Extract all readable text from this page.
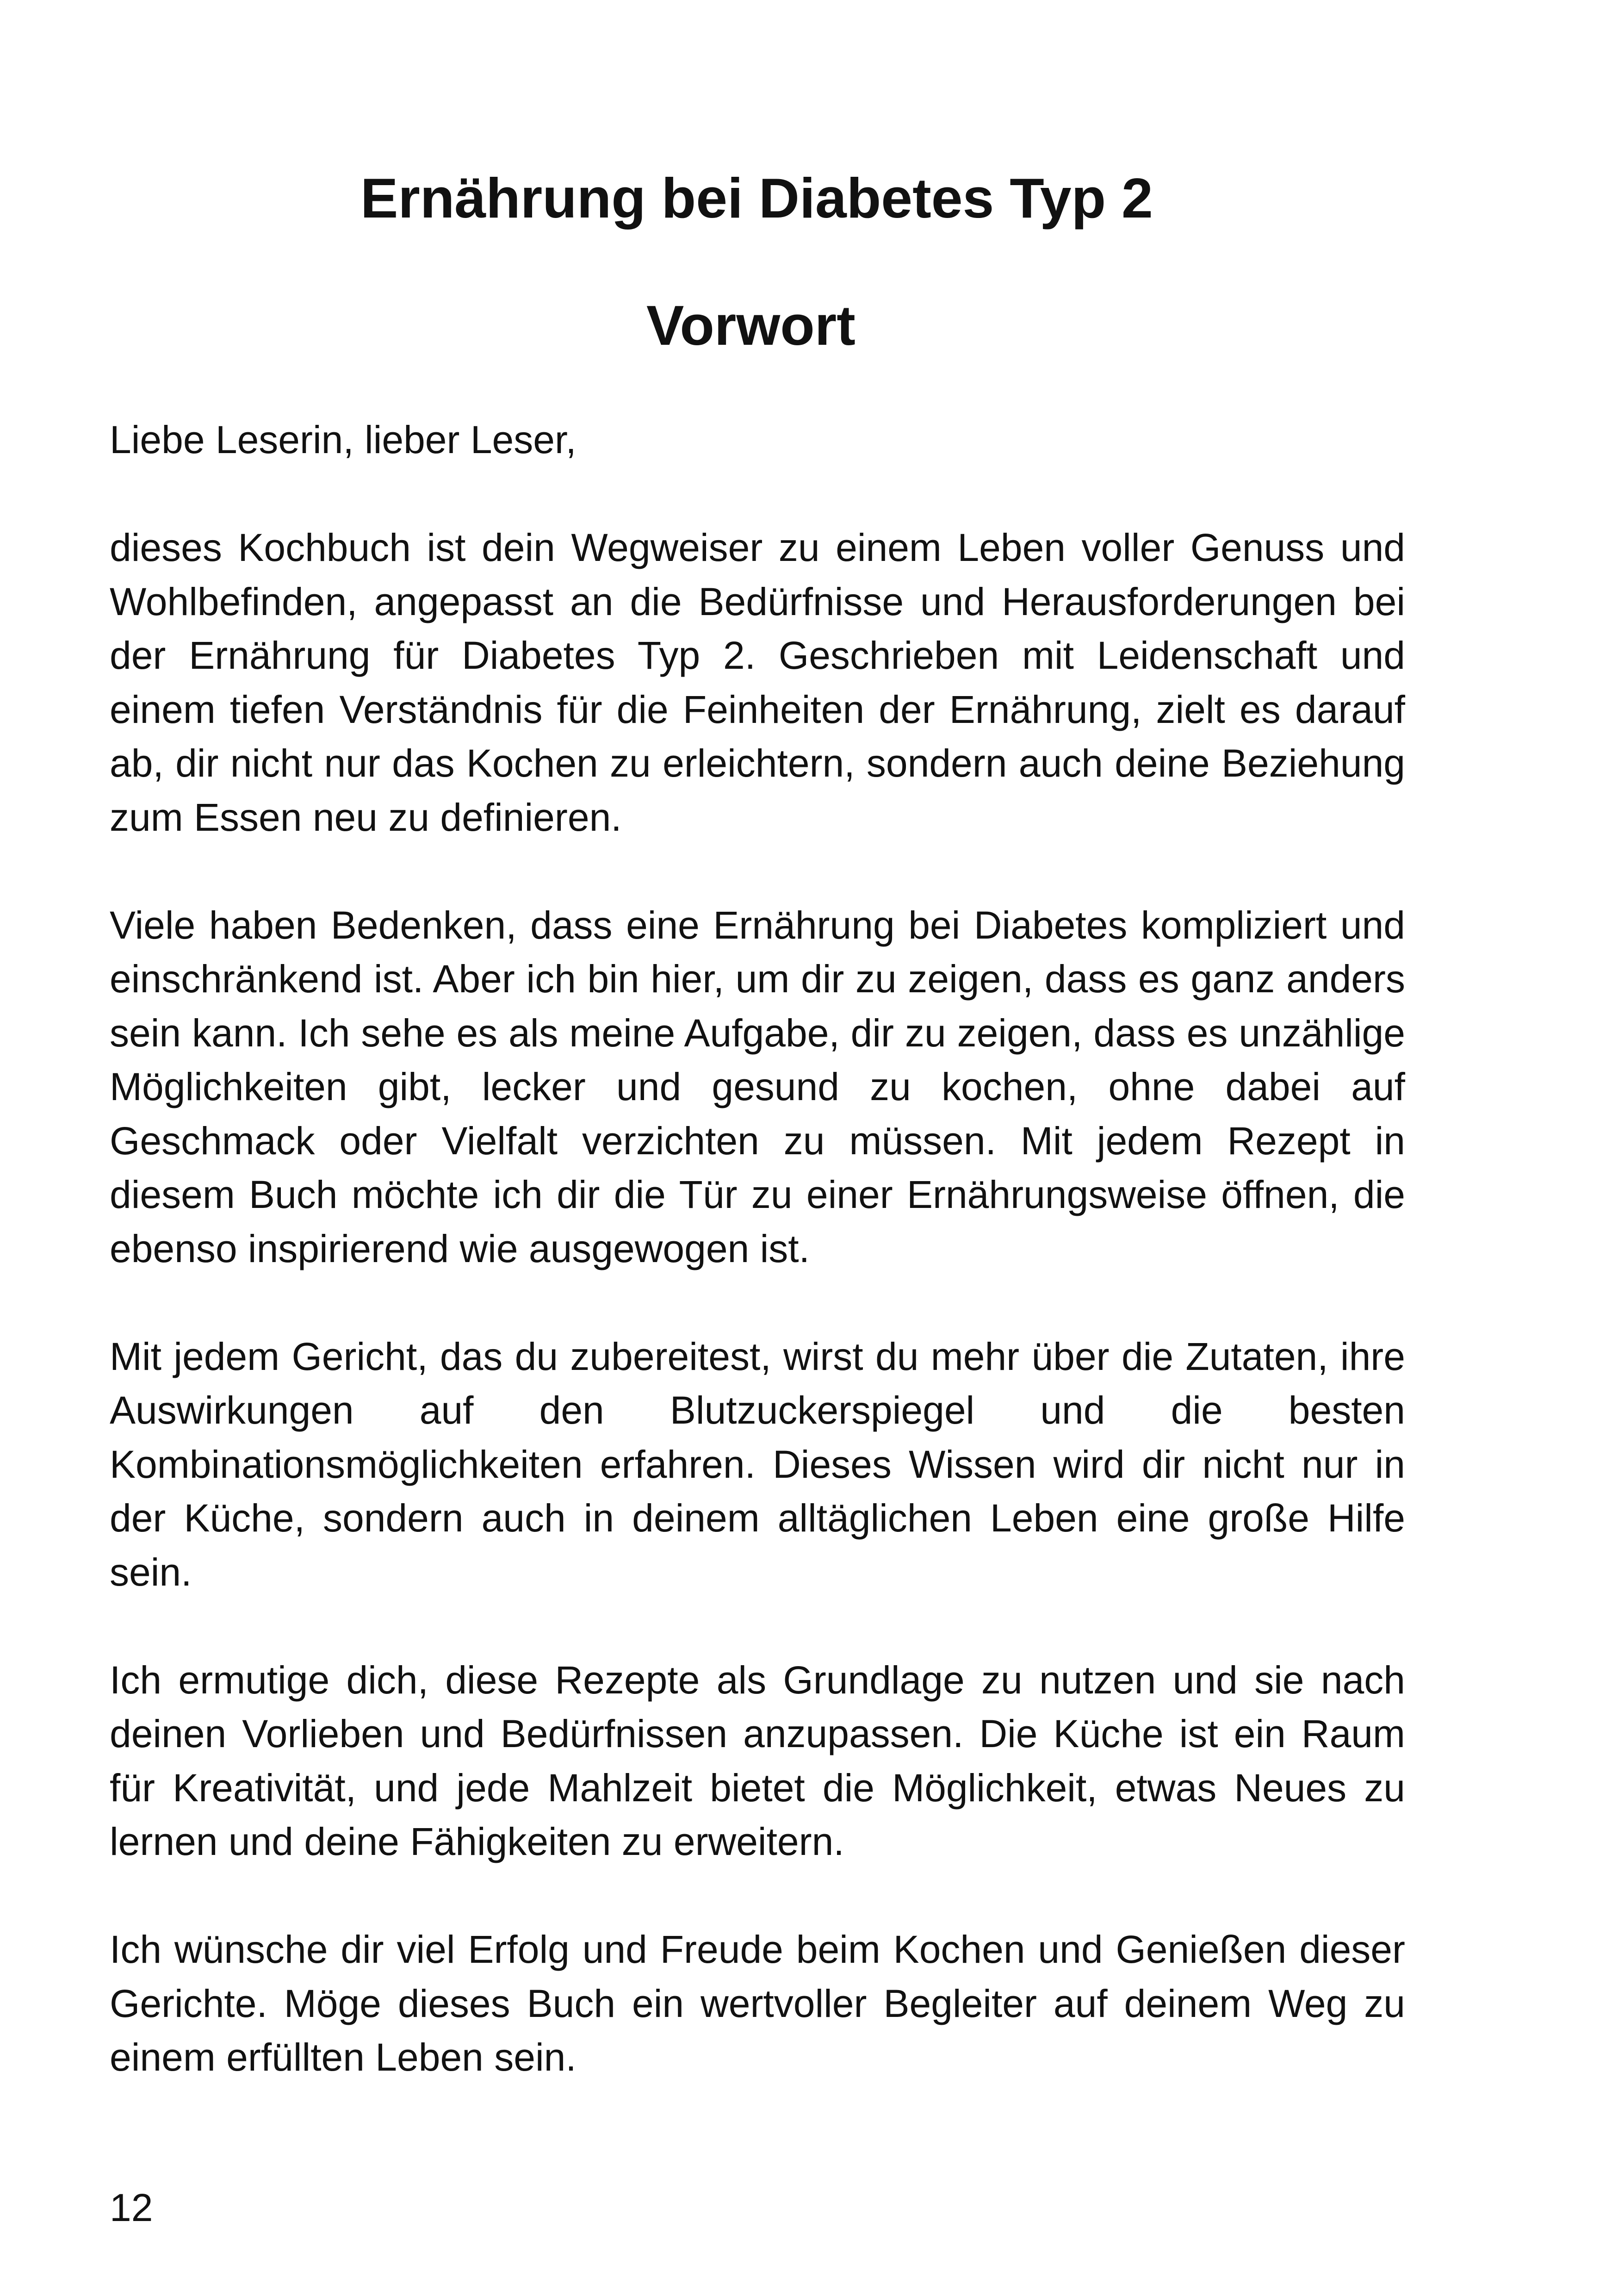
Ernährung bei Diabetes Typ 2
Vorwort

Liebe Leserin, lieber Leser,

dieses Kochbuch ist dein Wegweiser zu einem Leben voller Genuss und Wohlbefinden, angepasst an die Bedürfnisse und Herausforderungen bei der Ernährung für Diabetes Typ 2. Geschrieben mit Leidenschaft und einem tiefen Verständnis für die Feinheiten der Ernährung, zielt es darauf ab, dir nicht nur das Kochen zu erleichtern, sondern auch deine Beziehung zum Essen neu zu definieren.

Viele haben Bedenken, dass eine Ernährung bei Diabetes kompliziert und einschränkend ist. Aber ich bin hier, um dir zu zeigen, dass es ganz anders sein kann. Ich sehe es als meine Aufgabe, dir zu zeigen, dass es unzählige Möglichkeiten gibt, lecker und gesund zu kochen, ohne dabei auf Geschmack oder Vielfalt verzichten zu müssen. Mit jedem Rezept in diesem Buch möchte ich dir die Tür zu einer Ernährungsweise öffnen, die ebenso inspirierend wie ausgewogen ist.

Mit jedem Gericht, das du zubereitest, wirst du mehr über die Zutaten, ihre Auswirkungen auf den Blutzuckerspiegel und die besten Kombinationsmöglichkeiten erfahren. Dieses Wissen wird dir nicht nur in der Küche, sondern auch in deinem alltäglichen Leben eine große Hilfe sein.

Ich ermutige dich, diese Rezepte als Grundlage zu nutzen und sie nach deinen Vorlieben und Bedürfnissen anzupassen. Die Küche ist ein Raum für Kreativität, und jede Mahlzeit bietet die Möglichkeit, etwas Neues zu lernen und deine Fähigkeiten zu erweitern.

Ich wünsche dir viel Erfolg und Freude beim Kochen und Genießen dieser Gerichte. Möge dieses Buch ein wertvoller Begleiter auf deinem Weg zu einem erfüllten Leben sein.

12
